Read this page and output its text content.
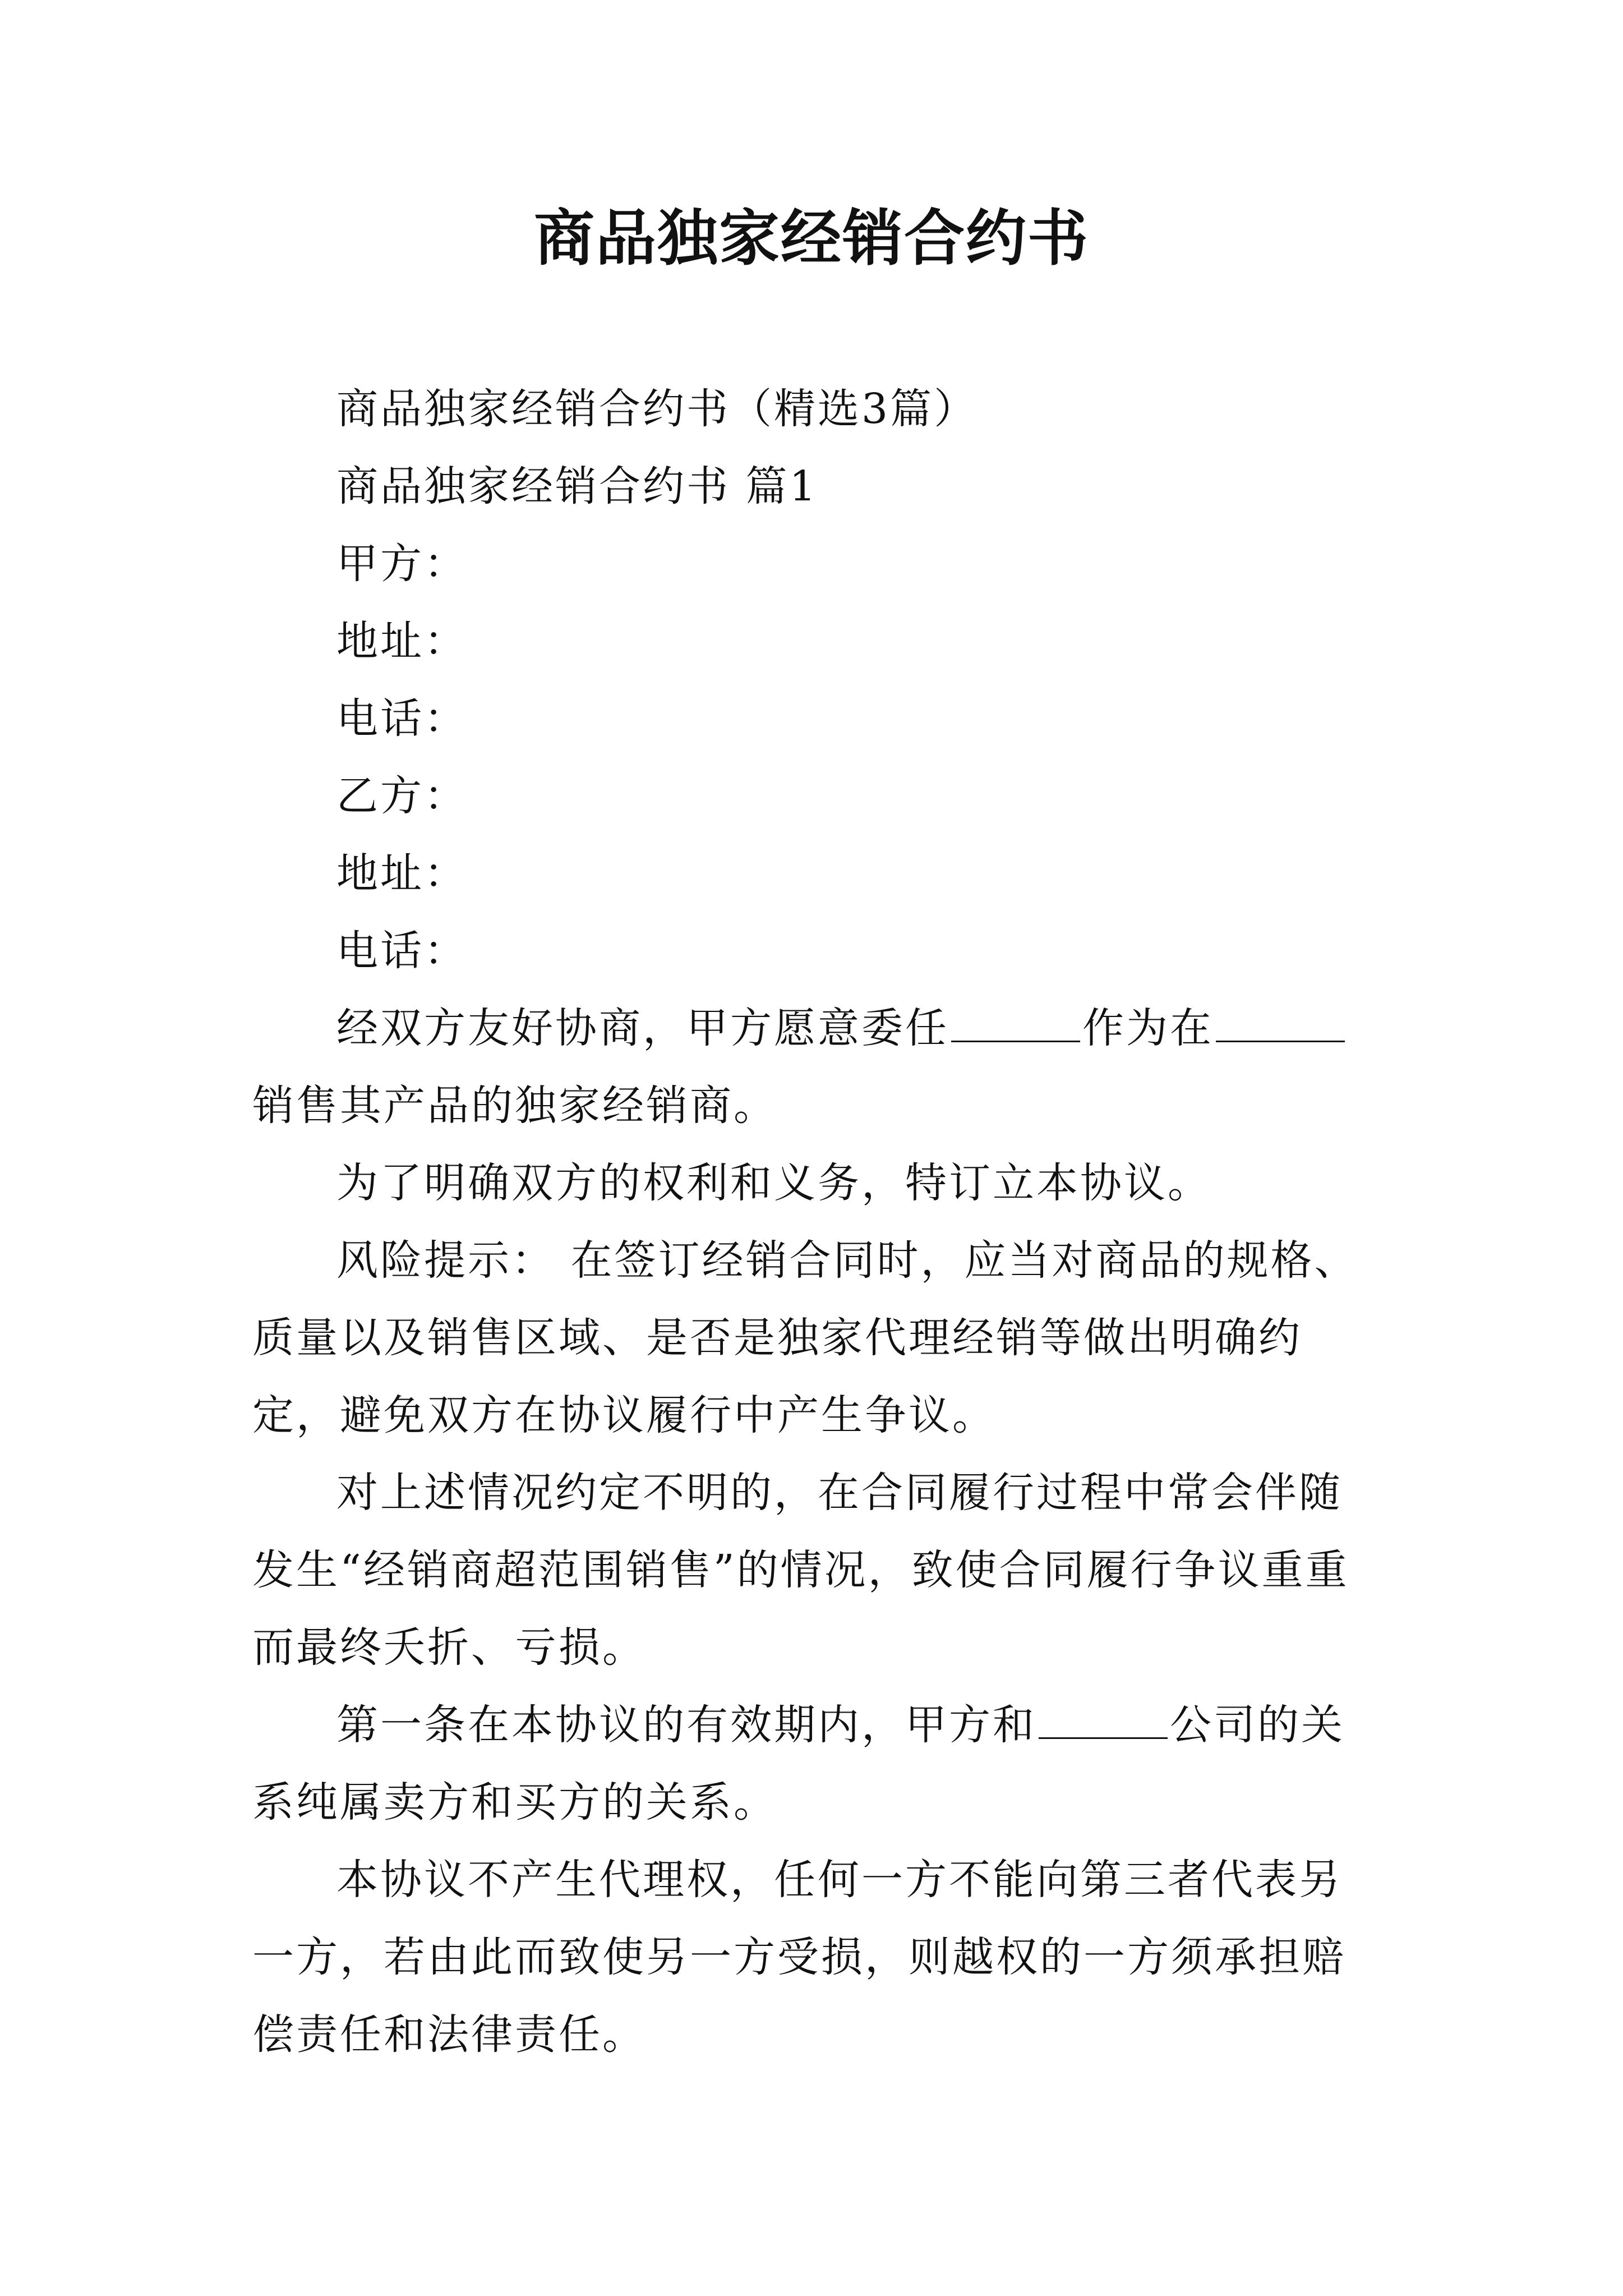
商品独家经销合约书

商品独家经销合约书（精选3篇）

商品独家经销合约书 篇1

甲方：

地址：

电话：

乙方：

地址：

电话：

经双方友好协商，甲方愿意委任	作为在销售其产品的独家经销商。

为了明确双方的权利和义务，特订立本协议。

风险提示： 在签订经销合同时，应当对商品的规格、质量以及销售区域、是否是独家代理经销等做出明确约定，避免双方在协议履行中产生争议。

对上述情况约定不明的，在合同履行过程中常会伴随发生“经销商超范围销售”的情况，致使合同履行争议重重而最终夭折、亏损。

第一条在本协议的有效期内，甲方和	公司的关系纯属卖方和买方的关系。

本协议不产生代理权，任何一方不能向第三者代表另一方，若由此而致使另一方受损，则越权的一方须承担赔偿责任和法律责任。
